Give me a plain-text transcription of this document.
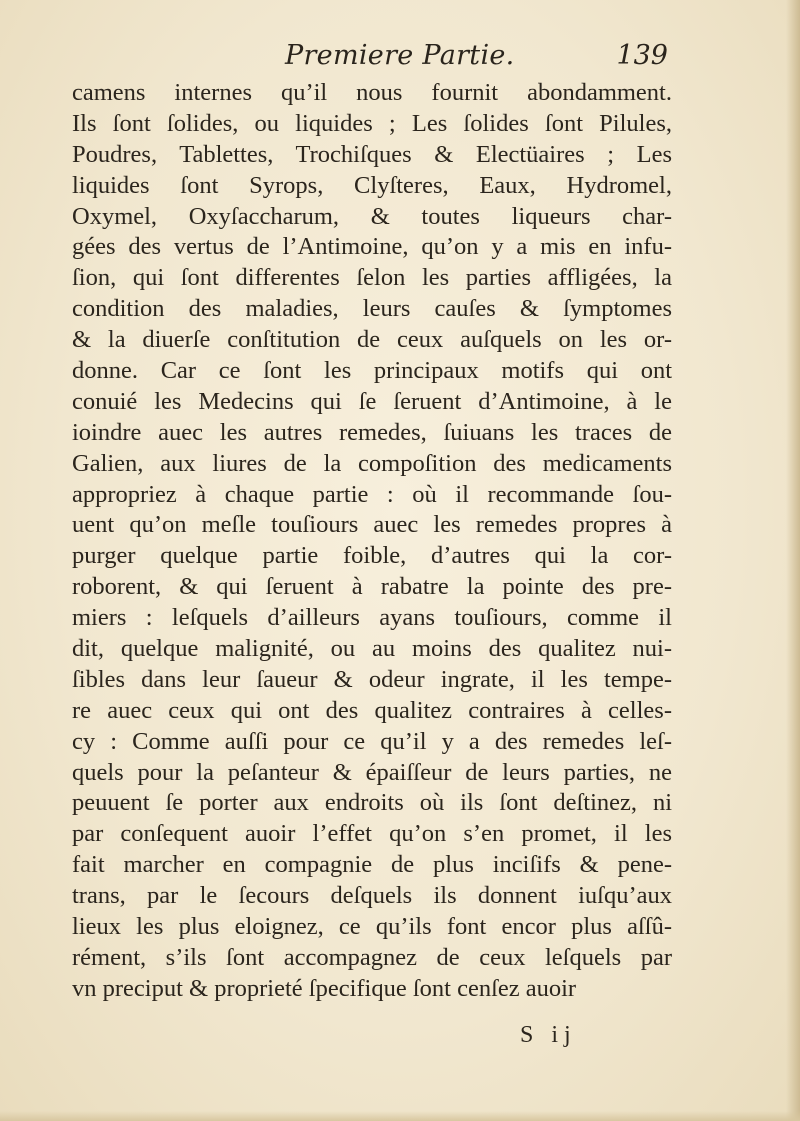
Premiere Partie.	139
camens internes qu’il nous fournit abondamment.
Ils ſont ſolides, ou liquides ; Les ſolides ſont Pilules,
Poudres, Tablettes, Trochiſques & Electüaires ; Les
liquides ſont Syrops, Clyſteres, Eaux, Hydromel,
Oxymel, Oxyſaccharum, & toutes liqueurs char-
gées des vertus de l’Antimoine, qu’on y a mis en infu-
ſion, qui ſont differentes ſelon les parties affligées, la
condition des maladies, leurs cauſes & ſymptomes
& la diuerſe conſtitution de ceux auſquels on les or-
donne. Car ce ſont les principaux motifs qui ont
conuié les Medecins qui ſe ſeruent d’Antimoine, à le
ioindre auec les autres remedes, ſuiuans les traces de
Galien, aux liures de la compoſition des medicaments
appropriez à chaque partie : où il recommande ſou-
uent qu’on meſle touſiours auec les remedes propres à
purger quelque partie foible, d’autres qui la cor-
roborent, & qui ſeruent à rabatre la pointe des pre-
miers : leſquels d’ailleurs ayans touſiours, comme il
dit, quelque malignité, ou au moins des qualitez nui-
ſibles dans leur ſaueur & odeur ingrate, il les tempe-
re auec ceux qui ont des qualitez contraires à celles-
cy : Comme auſſi pour ce qu’il y a des remedes leſ-
quels pour la peſanteur & épaiſſeur de leurs parties, ne
peuuent ſe porter aux endroits où ils ſont deſtinez, ni
par conſequent auoir l’effet qu’on s’en promet, il les
fait marcher en compagnie de plus inciſifs & pene-
trans, par le ſecours deſquels ils donnent iuſqu’aux
lieux les plus eloignez, ce qu’ils font encor plus aſſû-
rément, s’ils ſont accompagnez de ceux leſquels par
vn preciput & proprieté ſpecifique ſont cenſez auoir
S ij
